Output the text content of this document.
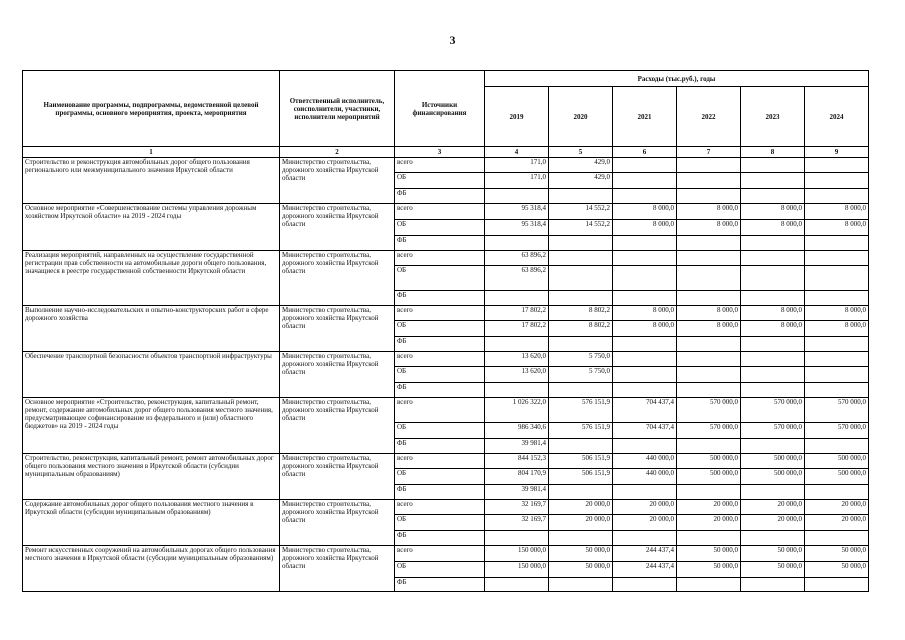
3
Наименование программы, подпрограммы, ведомственной целевой программы, основного мероприятия, проекта, мероприятия	Ответственный исполнитель, соисполнители, участники, исполнители мероприятий	Источники финансирования	Расходы (тыс.руб.), годы					
			2019	2020	2021	2022	2023	2024
1	2	3	4	5	6	7	8	9
Строительство и реконструкция автомобильных дорог общего пользования регионального или межмуниципального значения Иркутской области	Министерство строительства, дорожного хозяйства Иркутской области	всего	171,0	429,0				
		ОБ	171,0	429,0				
		ФБ						
Основное мероприятие «Совершенствование системы управления дорожным хозяйством Иркутской области» на 2019 - 2024 годы	Министерство строительства, дорожного хозяйства Иркутской области	всего	95 318,4	14 552,2	8 000,0	8 000,0	8 000,0	8 000,0
		ОБ	95 318,4	14 552,2	8 000,0	8 000,0	8 000,0	8 000,0
		ФБ						
Реализация мероприятий, направленных на осуществление государственной регистрации прав собственности на автомобильные дороги общего пользования, значащиеся в реестре государственной собственности Иркутской области	Министерство строительства, дорожного хозяйства Иркутской области	всего	63 896,2					
		ОБ	63 896,2					
		ФБ						
Выполнение научно-исследовательских и опытно-конструкторских работ в сфере дорожного хозяйства	Министерство строительства, дорожного хозяйства Иркутской области	всего	17 802,2	8 802,2	8 000,0	8 000,0	8 000,0	8 000,0
		ОБ	17 802,2	8 802,2	8 000,0	8 000,0	8 000,0	8 000,0
		ФБ						
Обеспечение транспортной безопасности объектов транспортной инфраструктуры	Министерство строительства, дорожного хозяйства Иркутской области	всего	13 620,0	5 750,0				
		ОБ	13 620,0	5 750,0				
		ФБ						
Основное мероприятие «Строительство, реконструкция, капитальный ремонт, ремонт, содержание автомобильных дорог общего пользования местного значения, предусматривающее софинансирование из федерального и (или) областного бюджетов» на 2019 - 2024 годы	Министерство строительства, дорожного хозяйства Иркутской области	всего	1 026 322,0	576 151,9	704 437,4	570 000,0	570 000,0	570 000,0
		ОБ	986 340,6	576 151,9	704 437,4	570 000,0	570 000,0	570 000,0
		ФБ	39 981,4					
Строительство, реконструкция, капитальный ремонт, ремонт автомобильных дорог общего пользования местного значения в Иркутской области (субсидии муниципальным образованиям)	Министерство строительства, дорожного хозяйства Иркутской области	всего	844 152,3	506 151,9	440 000,0	500 000,0	500 000,0	500 000,0
		ОБ	804 170,9	506 151,9	440 000,0	500 000,0	500 000,0	500 000,0
		ФБ	39 981,4					
Содержание автомобильных дорог общего пользования местного значения в Иркутской области (субсидии муниципальным образованиям)	Министерство строительства, дорожного хозяйства Иркутской области	всего	32 169,7	20 000,0	20 000,0	20 000,0	20 000,0	20 000,0
		ОБ	32 169,7	20 000,0	20 000,0	20 000,0	20 000,0	20 000,0
		ФБ						
Ремонт искусственных сооружений на автомобильных дорогах общего пользования местного значения в Иркутской области (субсидии муниципальным образованиям)	Министерство строительства, дорожного хозяйства Иркутской области	всего	150 000,0	50 000,0	244 437,4	50 000,0	50 000,0	50 000,0
		ОБ	150 000,0	50 000,0	244 437,4	50 000,0	50 000,0	50 000,0
		ФБ						
